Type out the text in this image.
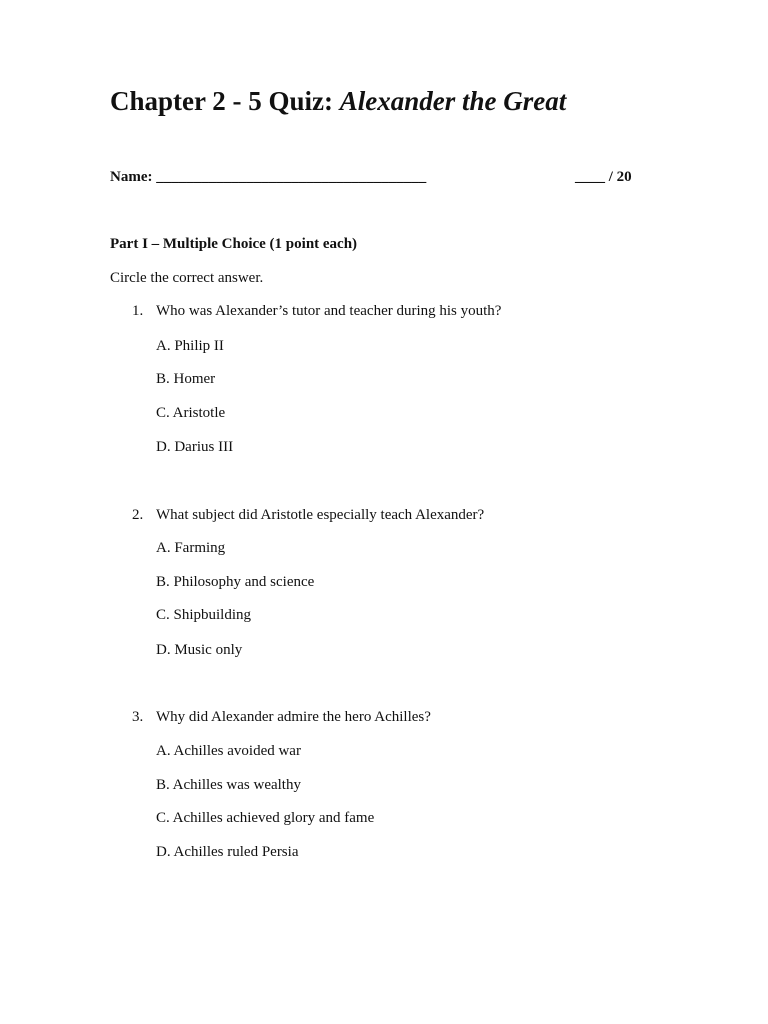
Chapter 2 - 5 Quiz: Alexander the Great
Name: ____________________________________	____ / 20
Part I – Multiple Choice (1 point each)
Circle the correct answer.
1. Who was Alexander’s tutor and teacher during his youth?
A. Philip II
B. Homer
C. Aristotle
D. Darius III
2. What subject did Aristotle especially teach Alexander?
A. Farming
B. Philosophy and science
C. Shipbuilding
D. Music only
3. Why did Alexander admire the hero Achilles?
A. Achilles avoided war
B. Achilles was wealthy
C. Achilles achieved glory and fame
D. Achilles ruled Persia
